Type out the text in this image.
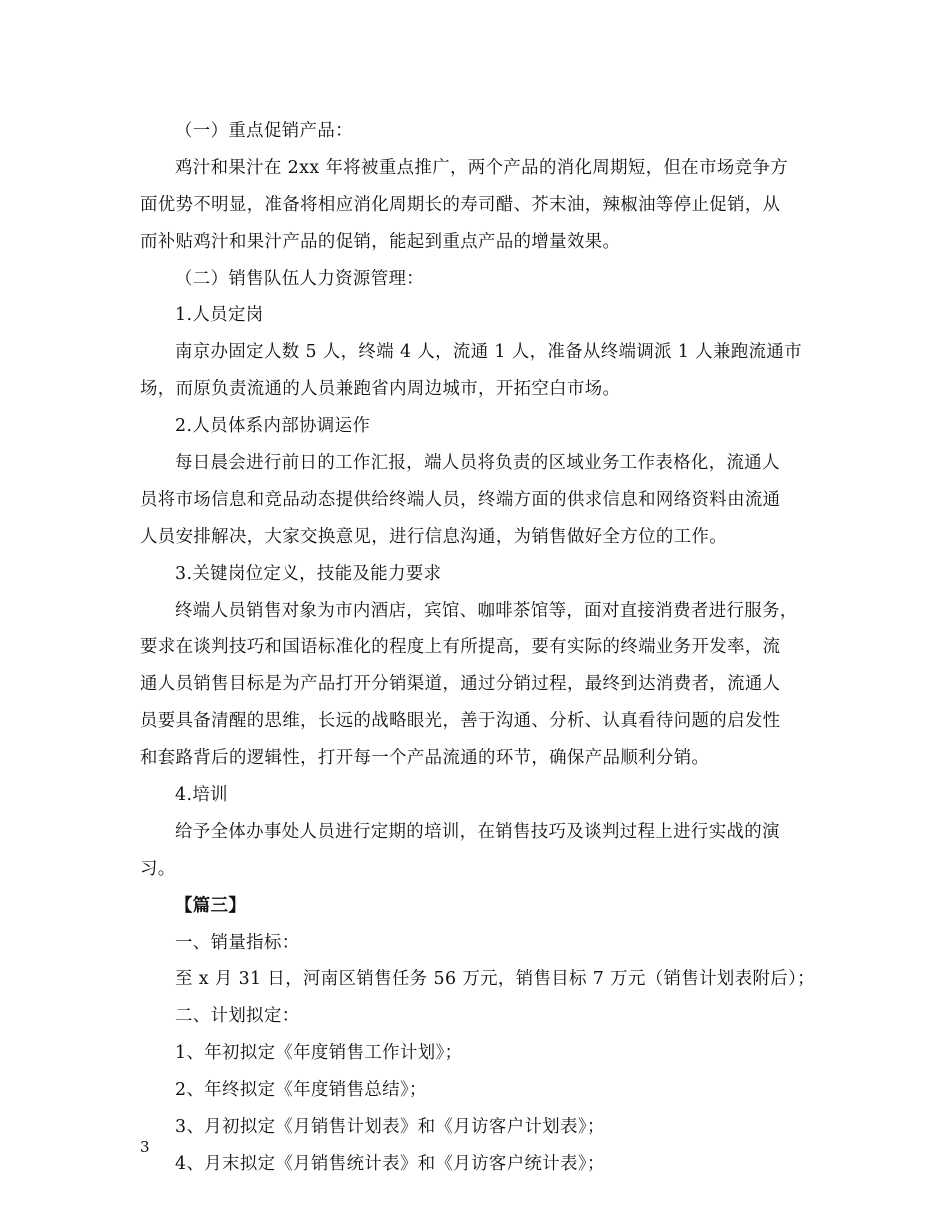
（一）重点促销产品：
鸡汁和果汁在 2xx 年将被重点推广，两个产品的消化周期短，但在市场竞争方
面优势不明显，准备将相应消化周期长的寿司醋、芥末油，辣椒油等停止促销，从
而补贴鸡汁和果汁产品的促销，能起到重点产品的增量效果。
（二）销售队伍人力资源管理：
1.人员定岗
南京办固定人数 5 人，终端 4 人，流通 1 人，准备从终端调派 1 人兼跑流通市
场，而原负责流通的人员兼跑省内周边城市，开拓空白市场。
2.人员体系内部协调运作
每日晨会进行前日的工作汇报，端人员将负责的区域业务工作表格化，流通人
员将市场信息和竞品动态提供给终端人员，终端方面的供求信息和网络资料由流通
人员安排解决，大家交换意见，进行信息沟通，为销售做好全方位的工作。
3.关键岗位定义，技能及能力要求
终端人员销售对象为市内酒店，宾馆、咖啡茶馆等，面对直接消费者进行服务，
要求在谈判技巧和国语标准化的程度上有所提高，要有实际的终端业务开发率，流
通人员销售目标是为产品打开分销渠道，通过分销过程，最终到达消费者，流通人
员要具备清醒的思维，长远的战略眼光，善于沟通、分析、认真看待问题的启发性
和套路背后的逻辑性，打开每一个产品流通的环节，确保产品顺利分销。
4.培训
给予全体办事处人员进行定期的培训，在销售技巧及谈判过程上进行实战的演
习。
【篇三】
一、销量指标：
至 x 月 31 日，河南区销售任务 56 万元，销售目标 7 万元（销售计划表附后）；
二、计划拟定：
1、年初拟定《年度销售工作计划》；
2、年终拟定《年度销售总结》；
3、月初拟定《月销售计划表》和《月访客户计划表》；
4、月末拟定《月销售统计表》和《月访客户统计表》；
3
